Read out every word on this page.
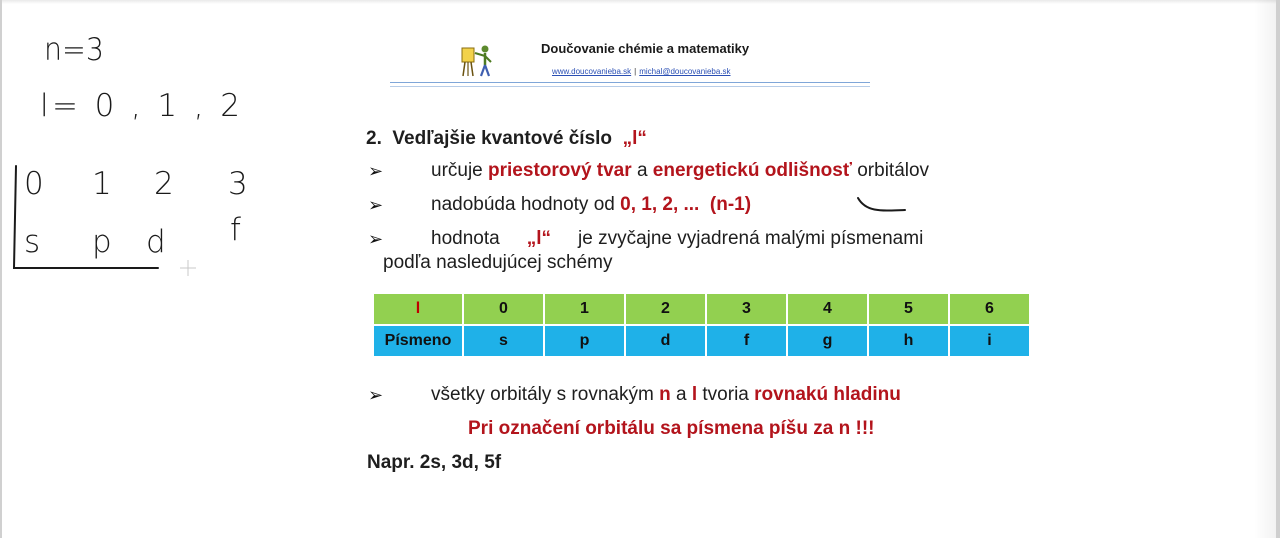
Doučovanie chémie a matematiky
www.doucovanieba.sk | michal@doucovanieba.sk
2. Vedľajšie kvantové číslo „l“
➢	určuje priestorový tvar a energetickú odlišnosť orbitálov
➢	nadobúda hodnoty od 0, 1, 2, ...  (n-1)
➢	hodnota „l“ je zvyčajne vyjadrená malými písmenami
podľa nasledujúcej schémy
l	0	1	2	3	4	5	6
Písmeno	s	p	d	f	g	h	i
➢	všetky orbitály s rovnakým n a l tvoria rovnakú hladinu
Pri označení orbitálu sa písmena píšu za n !!!
Napr. 2s, 3d, 5f
n=3
l= 0 , 1 , 2
0 1 2 3
s p d f
